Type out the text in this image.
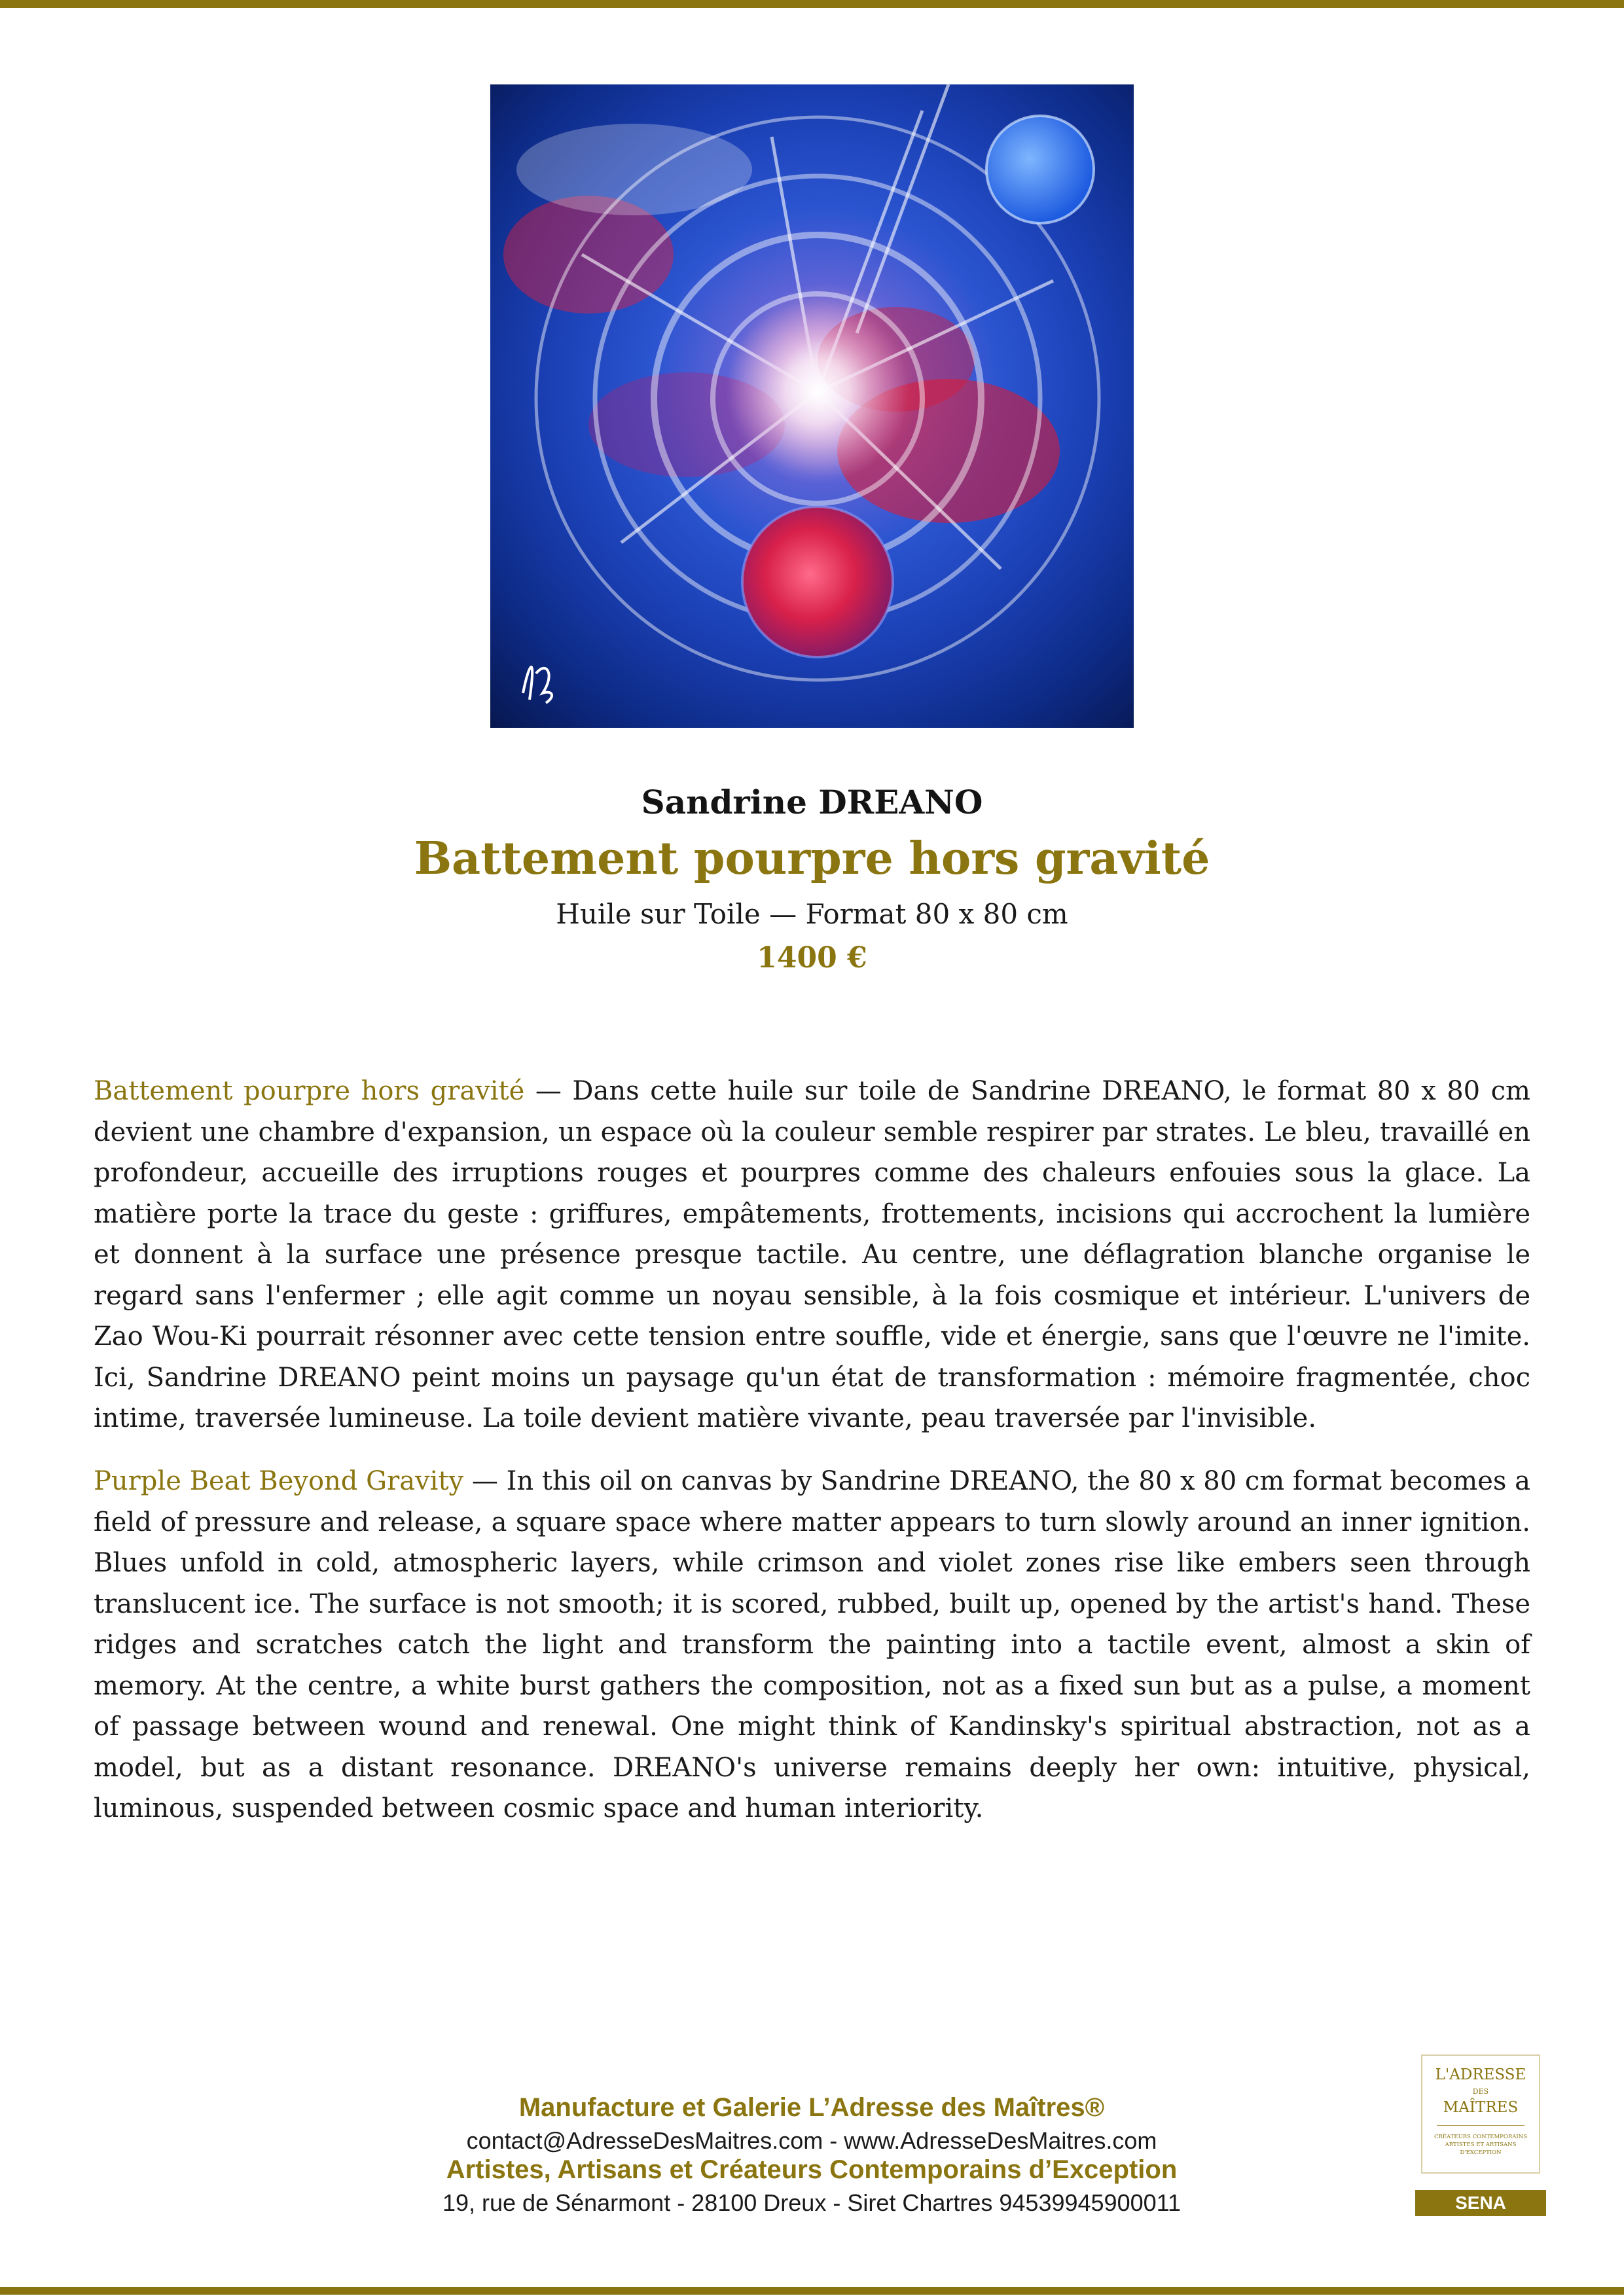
Sandrine DREANO
Battement pourpre hors gravité
Huile sur Toile — Format 80 x 80 cm
1400 €

Battement pourpre hors gravité — Dans cette huile sur toile de Sandrine DREANO, le format 80 x 80 cm devient une chambre d'expansion, un espace où la couleur semble respirer par strates. Le bleu, travaillé en profondeur, accueille des irruptions rouges et pourpres comme des chaleurs enfouies sous la glace. La matière porte la trace du geste : griffures, empâtements, frottements, incisions qui accrochent la lumière et donnent à la surface une présence presque tactile. Au centre, une déflagration blanche organise le regard sans l'enfermer ; elle agit comme un noyau sensible, à la fois cosmique et intérieur. L'univers de Zao Wou-Ki pourrait résonner avec cette tension entre souffle, vide et énergie, sans que l'œuvre ne l'imite. Ici, Sandrine DREANO peint moins un paysage qu'un état de transformation : mémoire fragmentée, choc intime, traversée lumineuse. La toile devient matière vivante, peau traversée par l'invisible.

Purple Beat Beyond Gravity — In this oil on canvas by Sandrine DREANO, the 80 x 80 cm format becomes a field of pressure and release, a square space where matter appears to turn slowly around an inner ignition. Blues unfold in cold, atmospheric layers, while crimson and violet zones rise like embers seen through translucent ice. The surface is not smooth; it is scored, rubbed, built up, opened by the artist's hand. These ridges and scratches catch the light and transform the painting into a tactile event, almost a skin of memory. At the centre, a white burst gathers the composition, not as a fixed sun but as a pulse, a moment of passage between wound and renewal. One might think of Kandinsky's spiritual abstraction, not as a model, but as a distant resonance. DREANO's universe remains deeply her own: intuitive, physical, luminous, suspended between cosmic space and human interiority.

Manufacture et Galerie L’Adresse des Maîtres®
contact@AdresseDesMaitres.com - www.AdresseDesMaitres.com
Artistes, Artisans et Créateurs Contemporains d’Exception
19, rue de Sénarmont - 28100 Dreux - Siret Chartres 94539945900011
L'ADRESSE
DES
MAÎTRES
CRÉATEURS CONTEMPORAINS ARTISTES ET ARTISANS D'EXCEPTION
SENA
